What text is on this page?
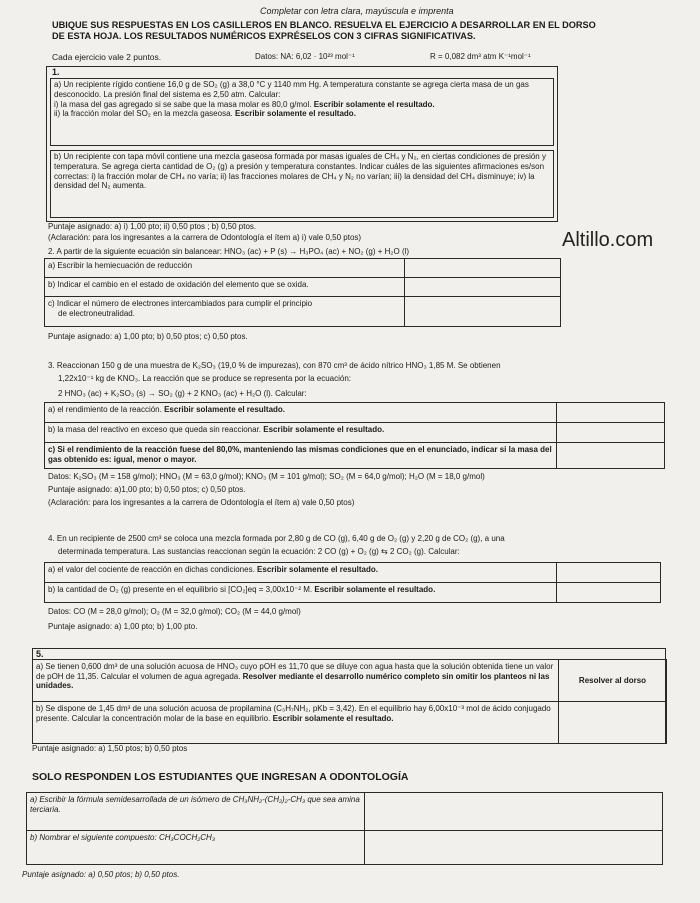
Completar con letra clara, mayúscula e imprenta
UBIQUE SUS RESPUESTAS EN LOS CASILLEROS EN BLANCO. RESUELVA EL EJERCICIO A DESARROLLAR EN EL DORSO
DE ESTA HOJA. LOS RESULTADOS NUMÉRICOS EXPRÉSELOS CON 3 CIFRAS SIGNIFICATIVAS.
Cada ejercicio vale 2 puntos.	Datos: NA: 6,02 · 10²³ mol⁻¹	R = 0,082 dm³ atm K⁻¹mol⁻¹
Altillo.com
1.
a) Un recipiente rígido contiene 16,0 g de SO₂ (g) a 38,0 °C y 1140 mm Hg. A temperatura constante se agrega cierta masa de un gas desconocido. La presión final del sistema es 2,50 atm. Calcular:
i) la masa del gas agregado si se sabe que la masa molar es 80,0 g/mol. Escribir solamente el resultado.
ii) la fracción molar del SO₂ en la mezcla gaseosa. Escribir solamente el resultado.
b) Un recipiente con tapa móvil contiene una mezcla gaseosa formada por masas iguales de CH₄ y N₂, en ciertas condiciones de presión y temperatura. Se agrega cierta cantidad de O₂ (g) a presión y temperatura constantes. Indicar cuáles de las siguientes afirmaciones es/son correctas: i) la fracción molar de CH₄ no varía; ii) las fracciones molares de CH₄ y N₂ no varían; iii) la densidad del CH₄ disminuye; iv) la densidad del N₂ aumenta.
Puntaje asignado: a) i) 1,00 pto; ii) 0,50 ptos ; b) 0,50 ptos.
(Aclaración: para los ingresantes a la carrera de Odontología el ítem a) i) vale 0,50 ptos)
2. A partir de la siguiente ecuación sin balancear: HNO₃ (ac) + P (s) → H₃PO₄ (ac) + NO₂ (g) + H₂O (l)
a) Escribir la hemiecuación de reducción	
b) Indicar el cambio en el estado de oxidación del elemento que se oxida.	

c) Indicar el número de electrones intercambiados para cumplir el principio
de electroneutralidad.	

Puntaje asignado: a) 1,00 pto; b) 0,50 ptos; c) 0,50 ptos.
3. Reaccionan 150 g de una muestra de K₂SO₃ (19,0 % de impurezas), con 870 cm³ de ácido nítrico HNO₃ 1,85 M. Se obtienen
1,22x10⁻¹ kg de KNO₃. La reacción que se produce se representa por la ecuación:
2 HNO₃ (ac) + K₂SO₃ (s) → SO₂ (g) + 2 KNO₃ (ac) + H₂O (l). Calcular:
a) el rendimiento de la reacción. Escribir solamente el resultado.	
b) la masa del reactivo en exceso que queda sin reaccionar. Escribir solamente el resultado.	
c) Si el rendimiento de la reacción fuese del 80,0%, manteniendo las mismas condiciones que en el enunciado, indicar si la masa del gas obtenido es: igual, menor o mayor.	
Datos: K₂SO₃ (M = 158 g/mol); HNO₃ (M = 63,0 g/mol); KNO₃ (M = 101 g/mol); SO₂ (M = 64,0 g/mol); H₂O (M = 18,0 g/mol)
Puntaje asignado: a)1,00 pto; b) 0,50 ptos; c) 0,50 ptos.
(Aclaración: para los ingresantes a la carrera de Odontología el ítem a) vale 0,50 ptos)
4. En un recipiente de 2500 cm³ se coloca una mezcla formada por 2,80 g de CO (g), 6,40 g de O₂ (g) y 2,20 g de CO₂ (g), a una
determinada temperatura. Las sustancias reaccionan según la ecuación: 2 CO (g) + O₂ (g) ⇆ 2 CO₂ (g). Calcular:
a) el valor del cociente de reacción en dichas condiciones. Escribir solamente el resultado.	
b) la cantidad de O₂ (g) presente en el equilibrio si [CO₂]eq = 3,00x10⁻² M. Escribir solamente el resultado.	
Datos: CO (M = 28,0 g/mol); O₂ (M = 32,0 g/mol); CO₂ (M = 44,0 g/mol)
Puntaje asignado: a) 1,00 pto; b) 1,00 pto.
5.
a) Se tienen 0,600 dm³ de una solución acuosa de HNO₃ cuyo pOH es 11,70 que se diluye con agua hasta que la solución obtenida tiene un valor de pOH de 11,35. Calcular el volumen de agua agregada. Resolver mediante el desarrollo numérico completo sin omitir los planteos ni las unidades.	Resolver al dorso
b) Se dispone de 1,45 dm³ de una solución acuosa de propilamina (C₃H₇NH₂, pKb = 3,42). En el equilibrio hay 6,00x10⁻³ mol de ácido conjugado presente. Calcular la concentración molar de la base en equilibrio. Escribir solamente el resultado.	
Puntaje asignado: a) 1,50 ptos; b) 0,50 ptos
SOLO RESPONDEN LOS ESTUDIANTES QUE INGRESAN A ODONTOLOGÍA
a) Escribir la fórmula semidesarrollada de un isómero de CH₃NH₂-(CH₂)₂-CH₃ que sea amina terciaria.	
b) Nombrar el siguiente compuesto: CH₃COCH₂CH₃	
Puntaje asignado: a) 0,50 ptos; b) 0,50 ptos.
